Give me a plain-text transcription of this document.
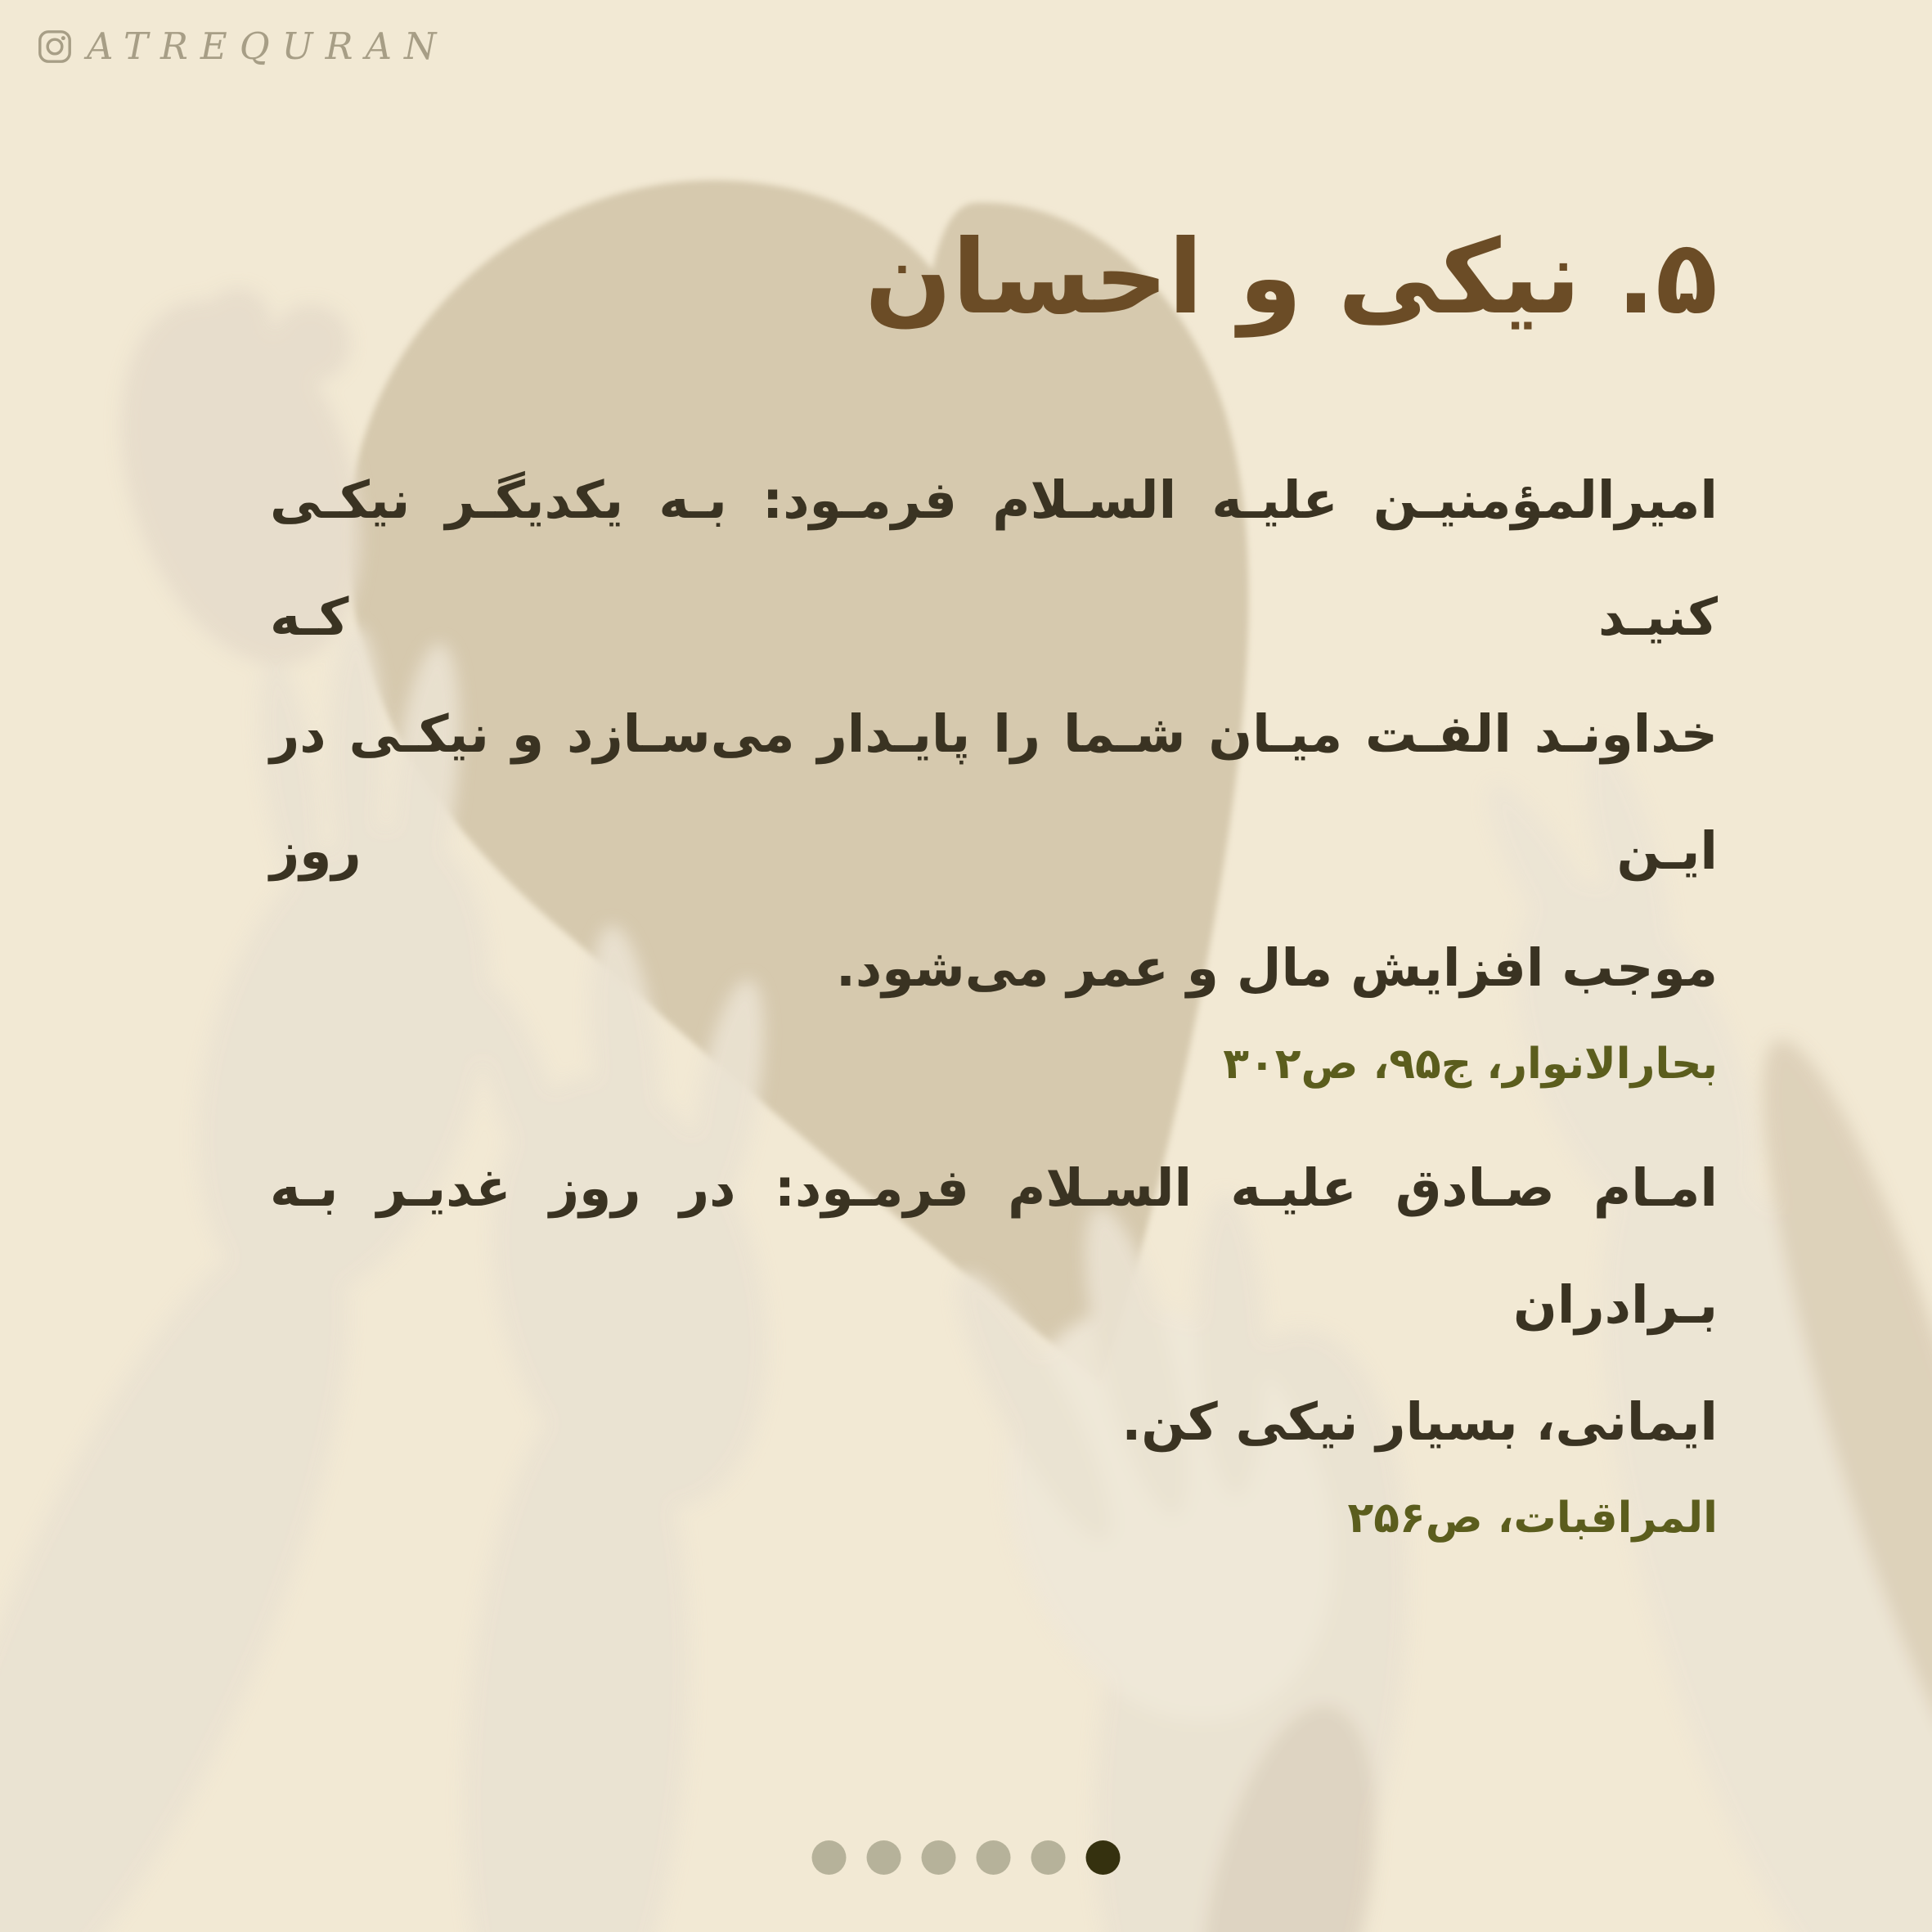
ATREQURAN
۵. نیکی و احسان
امیرالمؤمنیـن علیـه السـلام فرمـود: بـه یکدیگـر نیکـی کنیـد کـه
خداونـد الفـت میـان شـما را پایـدار می‌سـازد و نیکـی در ایـن روز
موجب افزایش مال و عمر می‌شود.
بحارالانوار، ج۹۵، ص۳۰۲
امـام صـادق علیـه السـلام فرمـود: در روز غدیـر بـه بـرادران
ایمانی، بسیار نیکی کن.
المراقبات، ص۲۵۶
